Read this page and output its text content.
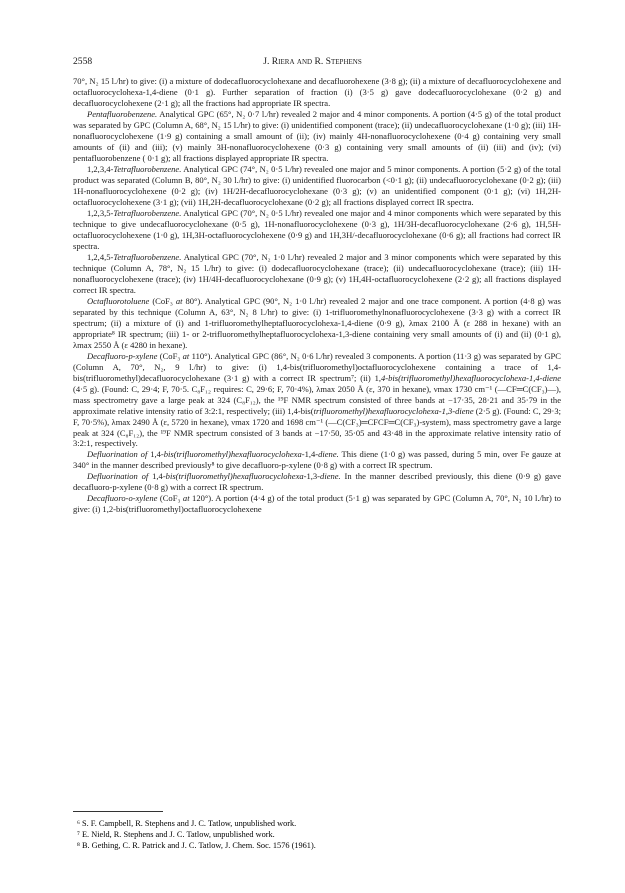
2558	J. Riera and R. Stephens

70°, N₂ 15 l./hr) to give: (i) a mixture of dodecafluorocyclohexane and decafluorohexene (3·8 g); (ii) a mixture of decafluorocyclohexene and octafluorocyclohexa-1,4-diene (0·1 g). Further separation of fraction (i) (3·5 g) gave dodecafluorocyclohexane (0·2 g) and decafluorocyclohexene (2·1 g); all the fractions had appropriate IR spectra.

Pentafluorobenzene. Analytical GPC (65°, N₂ 0·7 l./hr) revealed 2 major and 4 minor components. A portion (4·5 g) of the total product was separated by GPC (Column A, 68°, N₂ 15 l./hr) to give: (i) unidentified component (trace); (ii) undecafluorocyclohexane (1·0 g); (iii) 1H-nonafluorocyclohexene (1·9 g) containing a small amount of (ii); (iv) mainly 4H-nonafluorocyclohexene (0·4 g) containing very small amounts of (ii) and (iii); (v) mainly 3H-nonafluorocyclohexene (0·3 g) containing very small amounts of (ii) (iii) and (iv); (vi) pentafluorobenzene ( 0·1 g); all fractions displayed appropriate IR spectra.

1,2,3,4-Tetrafluorobenzene. Analytical GPC (74°, N₂ 0·5 l./hr) revealed one major and 5 minor components. A portion (5·2 g) of the total product was separated (Column B, 80°, N₂ 30 l./hr) to give: (i) unidentified fluorocarbon (<0·1 g); (ii) undecafluorocyclohexane (0·2 g); (iii) 1H-nonafluorocyclohexene (0·2 g); (iv) 1H/2H-decafluorocyclohexane (0·3 g); (v) an unidentified component (0·1 g); (vi) 1H,2H-octafluorocyclohexene (3·1 g); (vii) 1H,2H-decafluorocyclohexane (0·2 g); all fractions displayed correct IR spectra.

1,2,3,5-Tetrafluorobenzene. Analytical GPC (70°, N₂ 0·5 l./hr) revealed one major and 4 minor components which were separated by this technique to give undecafluorocyclohexane (0·5 g), 1H-nonafluorocyclohexene (0·3 g), 1H/3H-decafluorocyclohexane (2·6 g), 1H,5H-octafluorocyclohexene (1·0 g), 1H,3H-octafluorocyclohexene (0·9 g) and 1H,3H/-decafluorocyclohexane (0·6 g); all fractions had correct IR spectra.

1,2,4,5-Tetrafluorobenzene. Analytical GPC (70°, N₂ 1·0 l./hr) revealed 2 major and 3 minor components which were separated by this technique (Column A, 78°, N₂ 15 l./hr) to give: (i) dodecafluorocyclohexane (trace); (ii) undecafluorocyclohexane (trace); (iii) 1H-nonafluorocyclohexene (trace); (iv) 1H/4H-decafluorocyclohexane (0·9 g); (v) 1H,4H-octafluorocyclohexene (2·2 g); all fractions displayed correct IR spectra.

Octafluorotoluene (CoF₃ at 80°). Analytical GPC (90°, N₂ 1·0 l./hr) revealed 2 major and one trace component. A portion (4·8 g) was separated by this technique (Column A, 63°, N₂ 8 l./hr) to give: (i) 1-trifluoromethylnonafluorocyclohexene (3·3 g) with a correct IR spectrum; (ii) a mixture of (i) and 1-trifluoromethylheptafluorocyclohexa-1,4-diene (0·9 g), λmax 2100 Å (ε 288 in hexane) with an appropriate⁸ IR spectrum; (iii) 1- or 2-trifluoromethylheptafluorocyclohexa-1,3-diene containing very small amounts of (i) and (ii) (0·1 g), λmax 2550 Å (ε 4280 in hexane).

Decafluoro-p-xylene (CoF₃ at 110°). Analytical GPC (86°, N₂ 0·6 l./hr) revealed 3 components. A portion (11·3 g) was separated by GPC (Column A, 70°, N₂, 9 l./hr) to give: (i) 1,4-bis(trifluoromethyl)octafluorocyclohexene containing a trace of 1,4-bis(trifluoromethyl)decafluorocyclohexane (3·1 g) with a correct IR spectrum⁷; (ii) 1,4-bis(trifluoromethyl)hexafluorocyclohexa-1,4-diene (4·5 g). (Found: C, 29·4; F, 70·5. C₈F₁₂ requires: C, 29·6; F, 70·4%), λmax 2050 Å (ε, 370 in hexane), νmax 1730 cm⁻¹ (—CF═C(CF₃)—), mass spectrometry gave a large peak at 324 (C₈F₁₂), the ¹⁹F NMR spectrum consisted of three bands at −17·35, 28·21 and 35·79 in the approximate relative intensity ratio of 3:2:1, respectively; (iii) 1,4-bis(trifluoromethyl)hexafluorocyclohexa-1,3-diene (2·5 g). (Found: C, 29·3; F, 70·5%), λmax 2490 Å (ε, 5720 in hexane), νmax 1720 and 1698 cm⁻¹ (—C(CF₃)═CFCF═C(CF₃)-system), mass spectrometry gave a large peak at 324 (C₈F₁₂), the ¹⁹F NMR spectrum consisted of 3 bands at −17·50, 35·05 and 43·48 in the approximate relative intensity ratio of 3:2:1, respectively.

Defluorination of 1,4-bis(trifluoromethyl)hexafluorocyclohexa-1,4-diene. This diene (1·0 g) was passed, during 5 min, over Fe gauze at 340° in the manner described previously⁸ to give decafluoro-p-xylene (0·8 g) with a correct IR spectrum.

Defluorination of 1,4-bis(trifluoromethyl)hexafluorocyclohexa-1,3-diene. In the manner described previously, this diene (0·9 g) gave decafluoro-p-xylene (0·8 g) with a correct IR spectrum.

Decafluoro-o-xylene (CoF₃ at 120°). A portion (4·4 g) of the total product (5·1 g) was separated by GPC (Column A, 70°, N₂ 10 l./hr) to give: (i) 1,2-bis(trifluoromethyl)octafluorocyclohexene

⁶ S. F. Campbell, R. Stephens and J. C. Tatlow, unpublished work.

⁷ E. Nield, R. Stephens and J. C. Tatlow, unpublished work.

⁸ B. Gething, C. R. Patrick and J. C. Tatlow, J. Chem. Soc. 1576 (1961).
